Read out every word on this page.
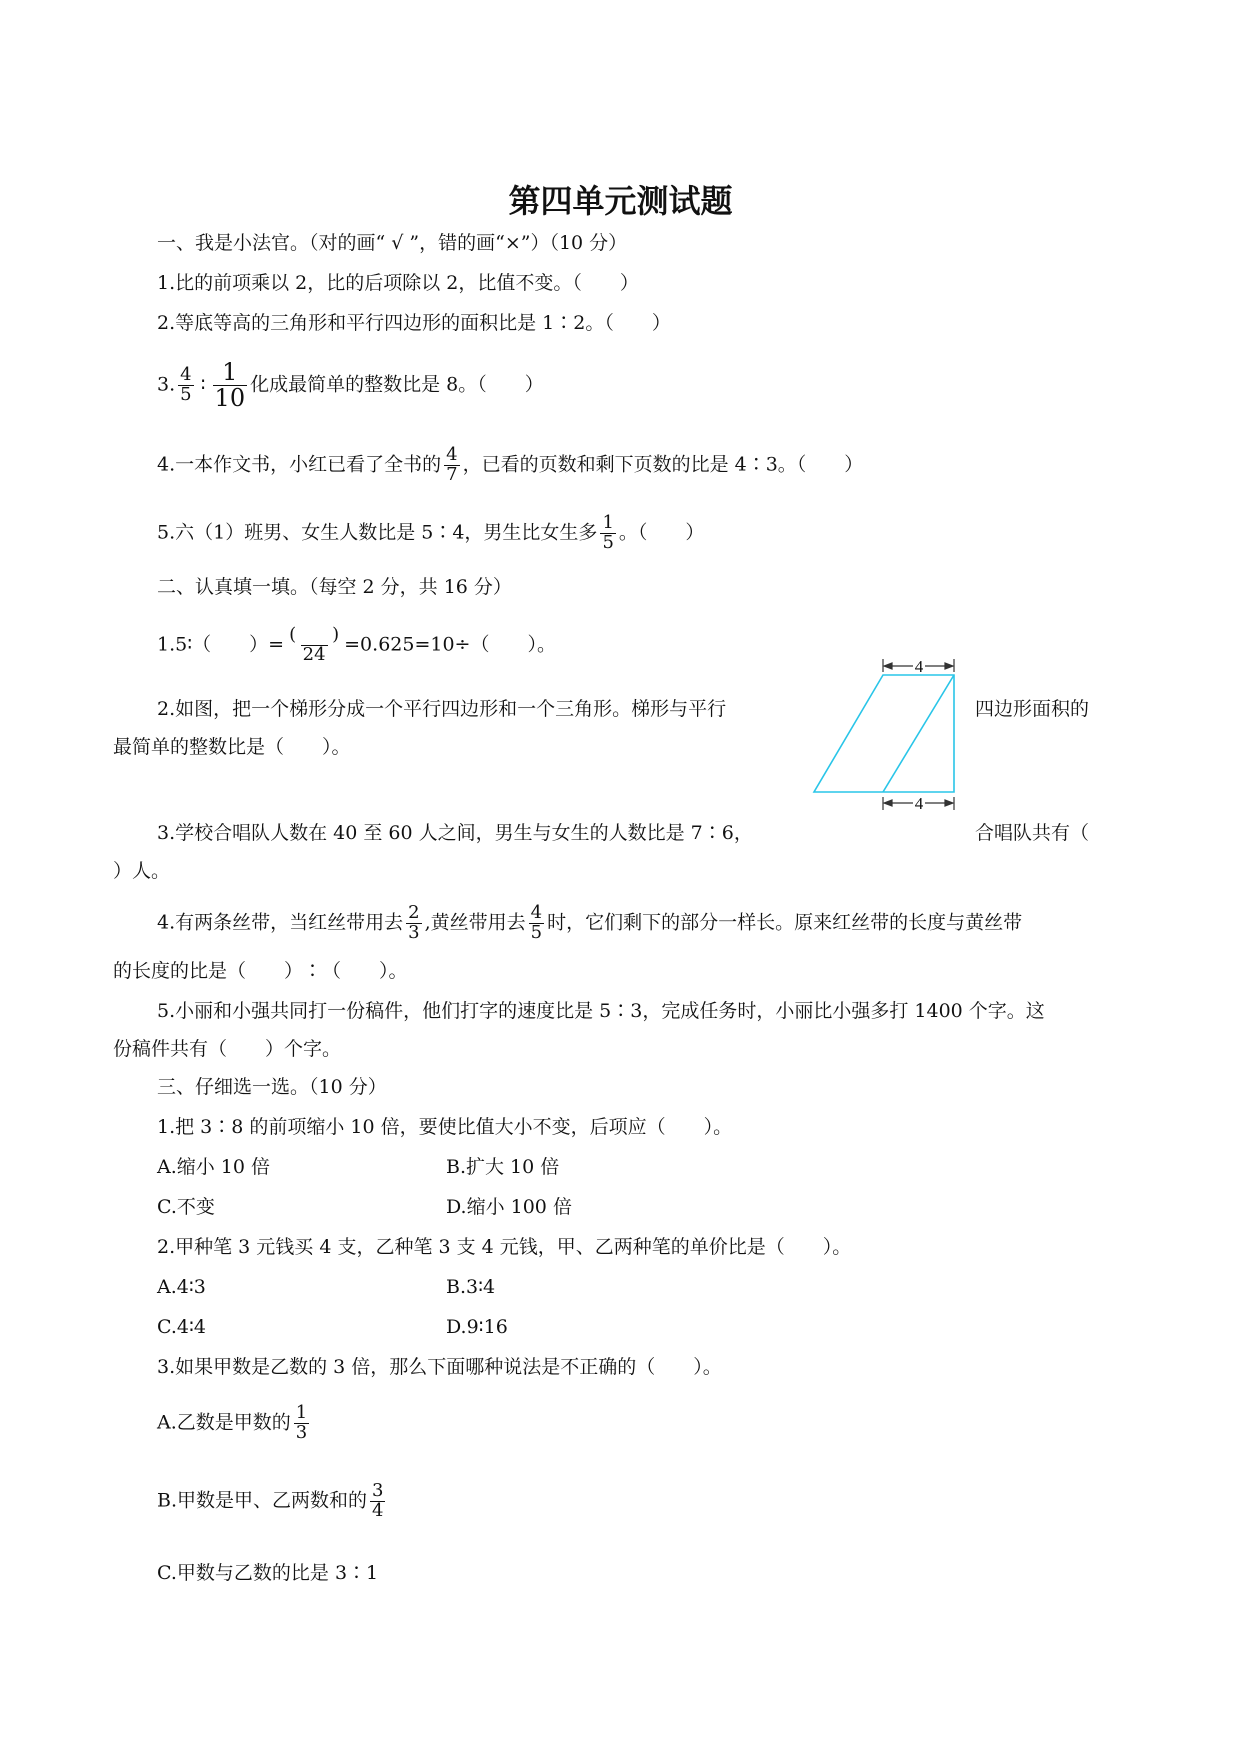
第四单元测试题
一、我是小法官。（对的画“ √ ”，错的画“×”）（10 分）
1.比的前项乘以 2，比的后项除以 2，比值不变。（　　）
2.等底等高的三角形和平行四边形的面积比是 1∶2。（　　）
3. $\frac{4}{5}$ ∶ $\frac{1}{10}$ 化成最简单的整数比是 8。（　　）
4.一本作文书，小红已看了全书的 $\frac{4}{7}$ ，已看的页数和剩下页数的比是 4∶3。（　　）
5.六（1）班男、女生人数比是 5∶4，男生比女生多 $\frac{1}{5}$ 。（　　）
二、认真填一填。（每空 2 分，共 16 分）
1.5∶（　　）= $\frac{( )}{24} =0.625=10\div$（　　）。
2.如图，把一个梯形分成一个平行四边形和一个三角形。梯形与平行	四边形面积的
最简单的整数比是（　　）。
4
4
3.学校合唱队人数在 40 至 60 人之间，男生与女生的人数比是 7∶6，	合唱队共有（
）人。
4.有两条丝带，当红丝带用去 $\frac{2}{3}$ ,黄丝带用去 $\frac{4}{5}$ 时，它们剩下的部分一样长。原来红丝带的长度与黄丝带
的长度的比是（　　）∶（　　）。
5.小丽和小强共同打一份稿件，他们打字的速度比是 5∶3，完成任务时，小丽比小强多打 1400 个字。这
份稿件共有（　　）个字。
三、仔细选一选。（10 分）
1.把 3∶8 的前项缩小 10 倍，要使比值大小不变，后项应（　　）。
A.缩小 10 倍	B.扩大 10 倍
C.不变	D.缩小 100 倍
2.甲种笔 3 元钱买 4 支，乙种笔 3 支 4 元钱，甲、乙两种笔的单价比是（　　）。
A.4∶3	B.3∶4
C.4∶4	D.9∶16
3.如果甲数是乙数的 3 倍，那么下面哪种说法是不正确的（　　）。
A.乙数是甲数的 $\frac{1}{3}$
B.甲数是甲、乙两数和的 $\frac{3}{4}$
C.甲数与乙数的比是 3∶1
